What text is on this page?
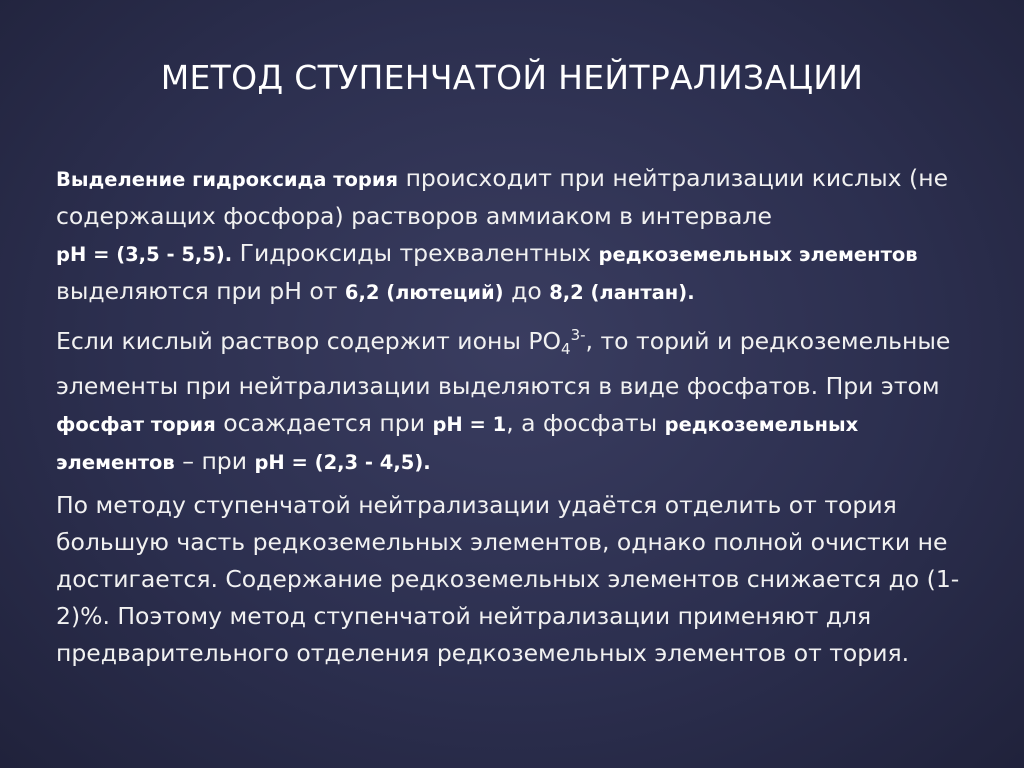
МЕТОД СТУПЕНЧАТОЙ НЕЙТРАЛИЗАЦИИ

Выделение гидроксида тория происходит при нейтрализации кислых (не содержащих фосфора) растворов аммиаком в интервале
pH = (3,5 - 5,5). Гидроксиды трехвалентных редкоземельных элементов выделяются при pH от 6,2 (лютеций) до 8,2 (лантан).

Если кислый раствор содержит ионы $PO_4^{3-}$, то торий и редкоземельные элементы при нейтрализации выделяются в виде фосфатов. При этом фосфат тория осаждается при pH = 1, а фосфаты редкоземельных элементов – при pH = (2,3 - 4,5).

По методу ступенчатой нейтрализации удаётся отделить от тория большую часть редкоземельных элементов, однако полной очистки не достигается. Содержание редкоземельных элементов снижается до (1-2)%. Поэтому метод ступенчатой нейтрализации применяют для предварительного отделения редкоземельных элементов от тория.
